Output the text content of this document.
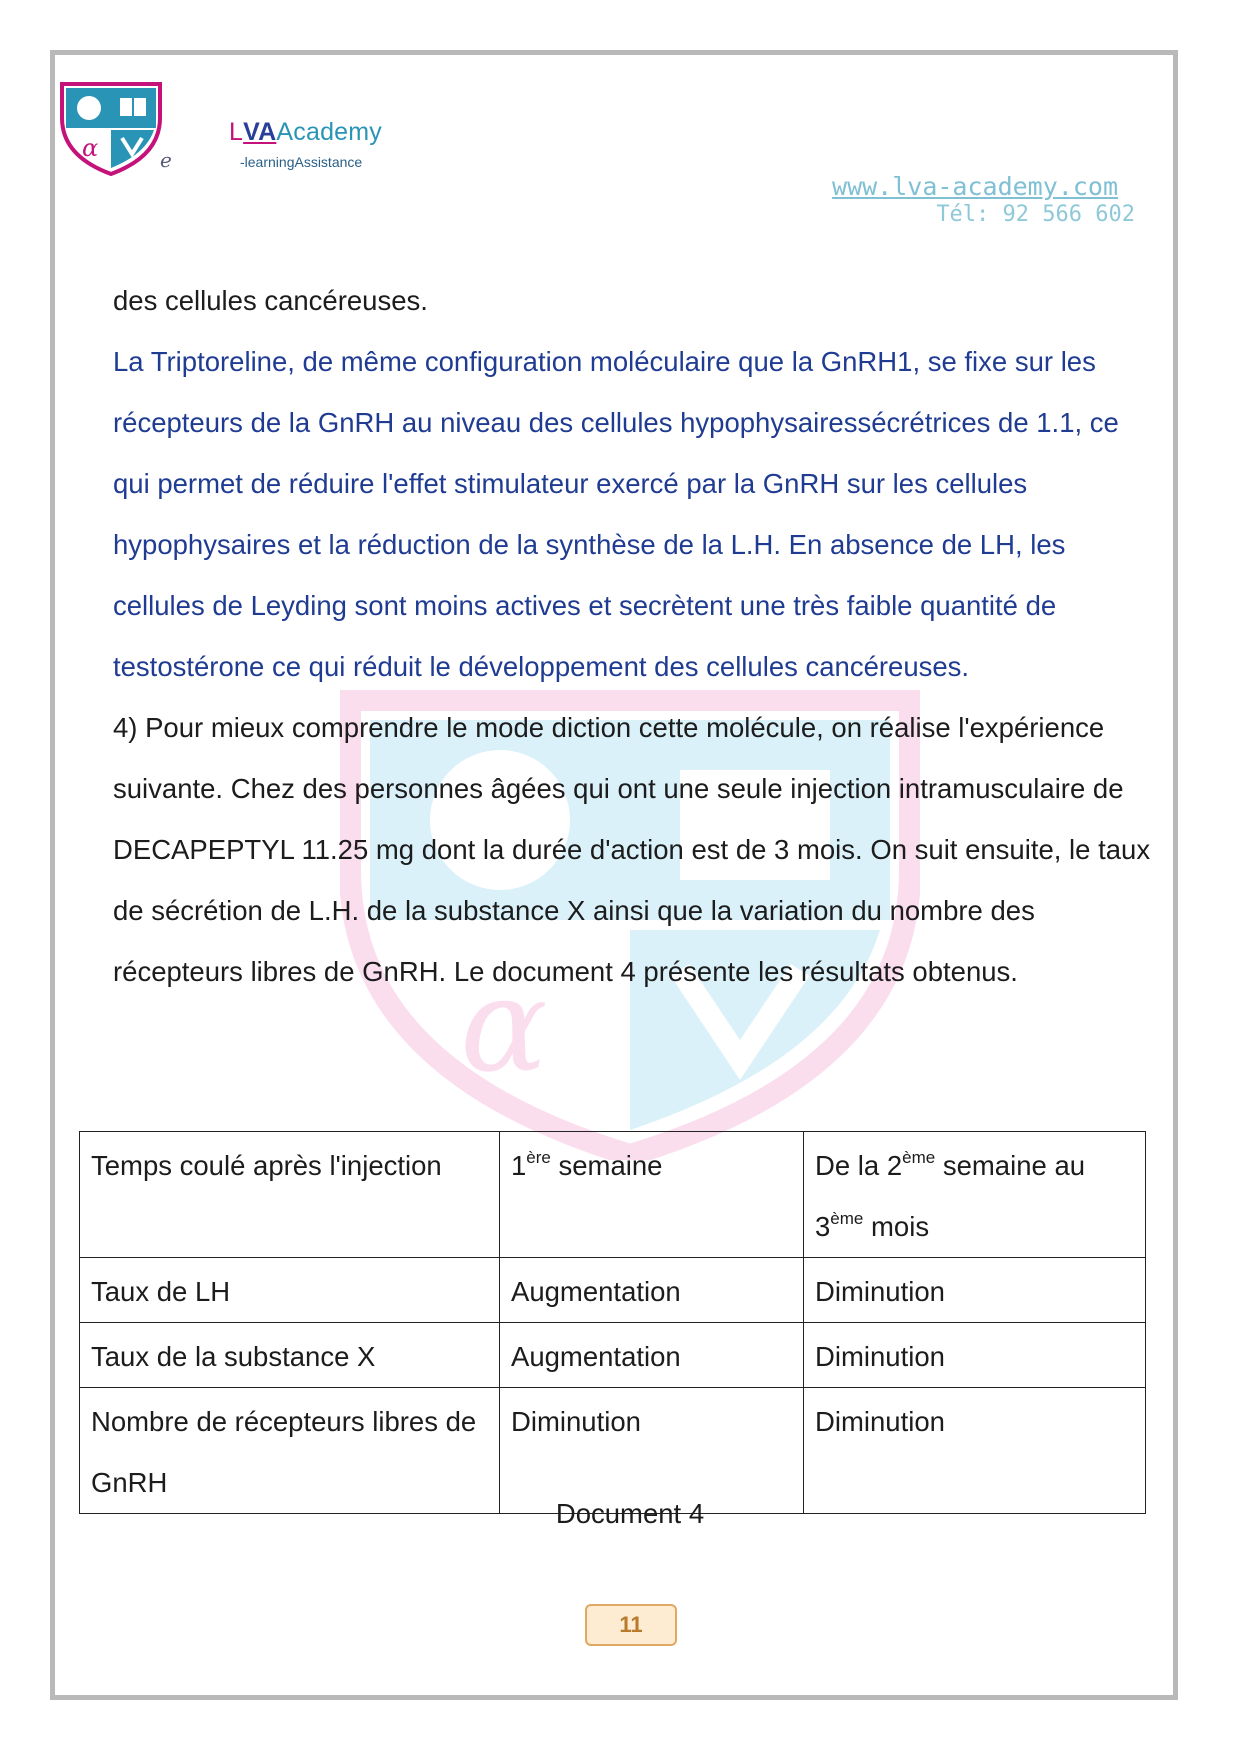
α	e
LVAAcademy
-learningAssistance
www.lva-academy.com
Tél: 92 566 602
α

des cellules cancéreuses.

La Triptoreline, de même configuration moléculaire que la GnRH1, se fixe sur les récepteurs de la GnRH au niveau des cellules hypophysairessécrétrices de 1.1, ce qui permet de réduire l'effet stimulateur exercé par la GnRH sur les cellules hypophysaires et la réduction de la synthèse de la L.H. En absence de LH, les cellules de Leyding sont moins actives et secrètent une très faible quantité de testostérone ce qui réduit le développement des cellules cancéreuses.

4) Pour mieux comprendre le mode diction cette molécule, on réalise l'expérience suivante. Chez des personnes âgées qui ont une seule injection intramusculaire de DECAPEPTYL 11.25 mg dont la durée d'action est de 3 mois. On suit ensuite, le taux de sécrétion de L.H. de la substance X ainsi que la variation du nombre des récepteurs libres de GnRH. Le document 4 présente les résultats obtenus.

Temps coulé après l'injection	1ère semaine	De la 2ème semaine au
3ème mois
Taux de LH	Augmentation	Diminution
Taux de la substance X	Augmentation	Diminution
Nombre de récepteurs libres de GnRH	Diminution	Diminution
Document 4
11
